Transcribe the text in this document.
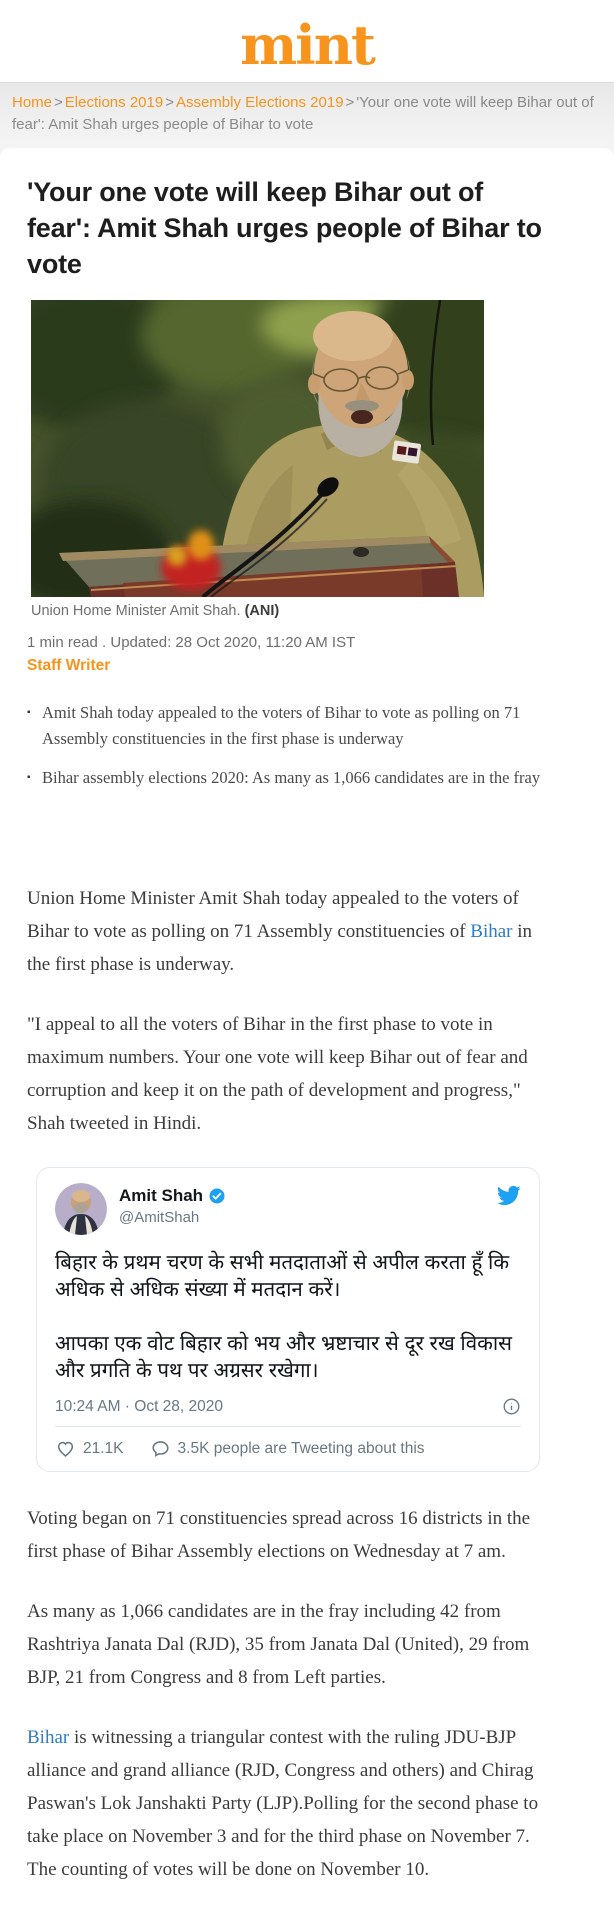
mint
Home > Elections 2019 > Assembly Elections 2019 > 'Your one vote will keep Bihar out of fear': Amit Shah urges people of Bihar to vote
'Your one vote will keep Bihar out of fear': Amit Shah urges people of Bihar to vote
Union Home Minister Amit Shah. (ANI)
1 min read . Updated: 28 Oct 2020, 11:20 AM IST
Staff Writer
▪ Amit Shah today appealed to the voters of Bihar to vote as polling on 71 Assembly constituencies in the first phase is underway
▪ Bihar assembly elections 2020: As many as 1,066 candidates are in the fray

Union Home Minister Amit Shah today appealed to the voters of Bihar to vote as polling on 71 Assembly constituencies of Bihar in the first phase is underway.

"I appeal to all the voters of Bihar in the first phase to vote in maximum numbers. Your one vote will keep Bihar out of fear and corruption and keep it on the path of development and progress," Shah tweeted in Hindi.

Amit Shah
@AmitShah

बिहार के प्रथम चरण के सभी मतदाताओं से अपील करता हूँ कि अधिक से अधिक संख्या में मतदान करें।

आपका एक वोट बिहार को भय और भ्रष्टाचार से दूर रख विकास और प्रगति के पथ पर अग्रसर रखेगा।

10:24 AM · Oct 28, 2020
21.1K	3.5K people are Tweeting about this

Voting began on 71 constituencies spread across 16 districts in the first phase of Bihar Assembly elections on Wednesday at 7 am.

As many as 1,066 candidates are in the fray including 42 from Rashtriya Janata Dal (RJD), 35 from Janata Dal (United), 29 from BJP, 21 from Congress and 8 from Left parties.

Bihar is witnessing a triangular contest with the ruling JDU-BJP alliance and grand alliance (RJD, Congress and others) and Chirag Paswan's Lok Janshakti Party (LJP).Polling for the second phase to take place on November 3 and for the third phase on November 7. The counting of votes will be done on November 10.
